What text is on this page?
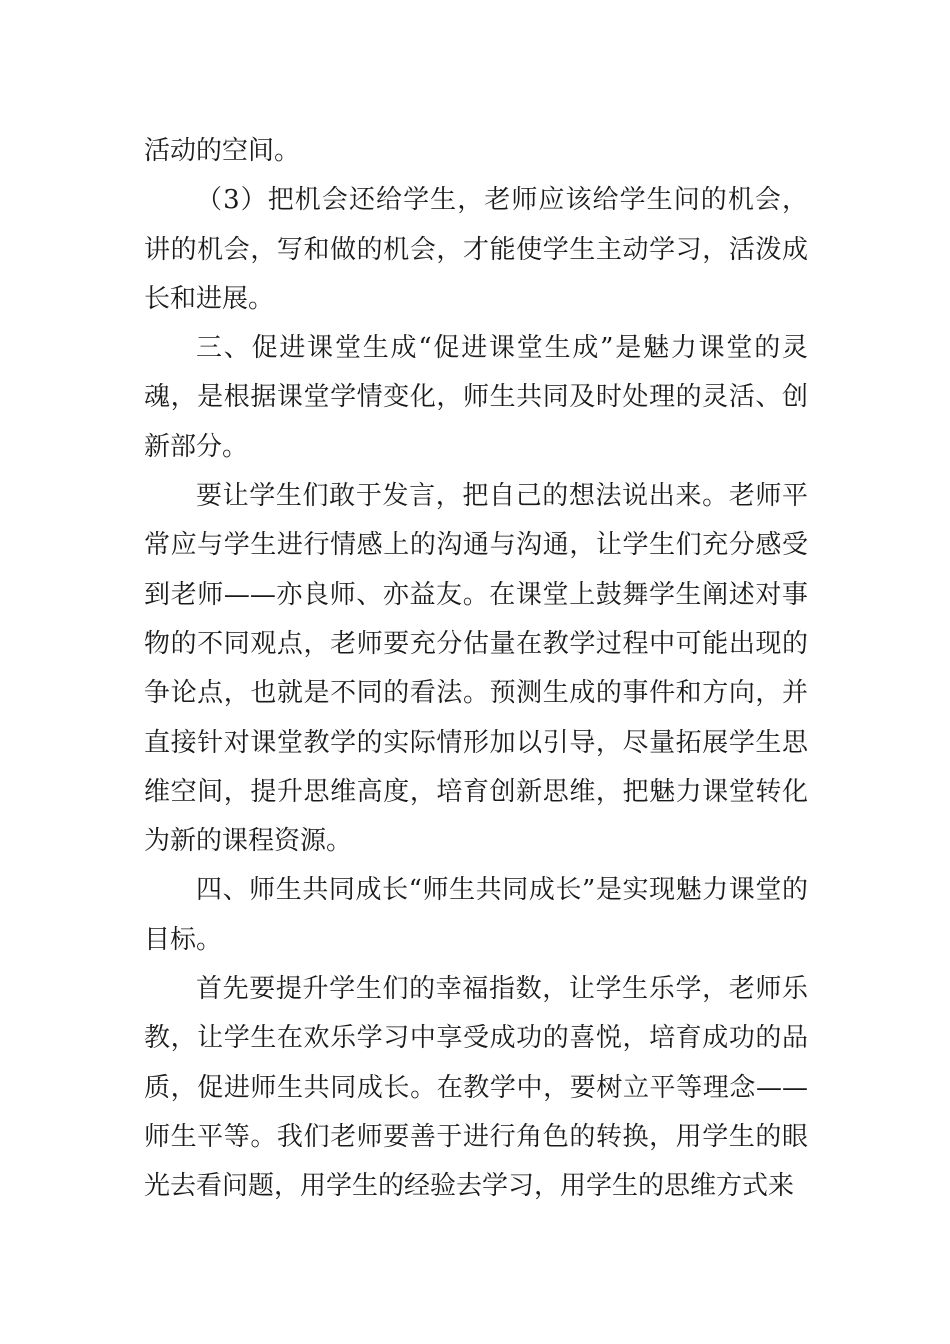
活动的空间。

（3）把机会还给学生，老师应该给学生问的机会，讲的机会，写和做的机会，才能使学生主动学习，活泼成长和进展。

三、促进课堂生成“促进课堂生成”是魅力课堂的灵魂，是根据课堂学情变化，师生共同及时处理的灵活、创新部分。

要让学生们敢于发言，把自己的想法说出来。老师平常应与学生进行情感上的沟通与沟通，让学生们充分感受到老师——亦良师、亦益友。在课堂上鼓舞学生阐述对事物的不同观点，老师要充分估量在教学过程中可能出现的争论点，也就是不同的看法。预测生成的事件和方向，并直接针对课堂教学的实际情形加以引导，尽量拓展学生思维空间，提升思维高度，培育创新思维，把魅力课堂转化为新的课程资源。

四、师生共同成长“师生共同成长”是实现魅力课堂的目标。

首先要提升学生们的幸福指数，让学生乐学，老师乐教，让学生在欢乐学习中享受成功的喜悦，培育成功的品质，促进师生共同成长。在教学中，要树立平等理念——师生平等。我们老师要善于进行角色的转换，用学生的眼光去看问题，用学生的经验去学习，用学生的思维方式来
